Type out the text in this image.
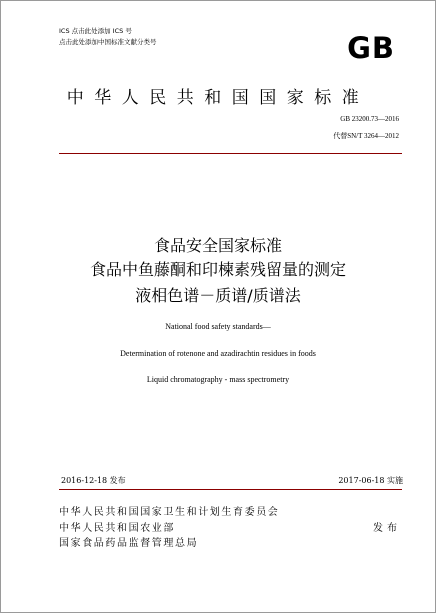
ICS 点击此处添加 ICS 号
点击此处添加中国标准文献分类号	GB
中华人民共和国国家标准
GB 23200.73—2016
代替SN/T 3264—2012
食品安全国家标准
食品中鱼藤酮和印楝素残留量的测定
液相色谱－质谱/质谱法
National food safety standards—
Determination of rotenone and azadirachtin residues in foods
Liquid chromatography - mass spectrometry
2016-12-18 发布	2017-06-18 实施
中华人民共和国国家卫生和计划生育委员会
中华人民共和国农业部
国家食品药品监督管理总局
发布
